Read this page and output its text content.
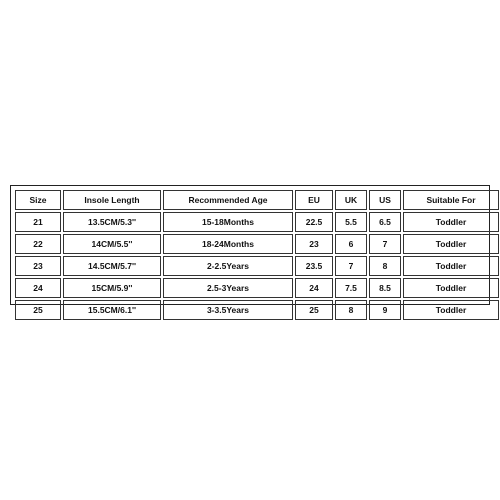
Size	Insole Length	Recommended Age	EU	UK	US	Suitable For
21	13.5CM/5.3''	15-18Months	22.5	5.5	6.5	Toddler
22	14CM/5.5''	18-24Months	23	6	7	Toddler
23	14.5CM/5.7''	2-2.5Years	23.5	7	8	Toddler
24	15CM/5.9''	2.5-3Years	24	7.5	8.5	Toddler
25	15.5CM/6.1''	3-3.5Years	25	8	9	Toddler
